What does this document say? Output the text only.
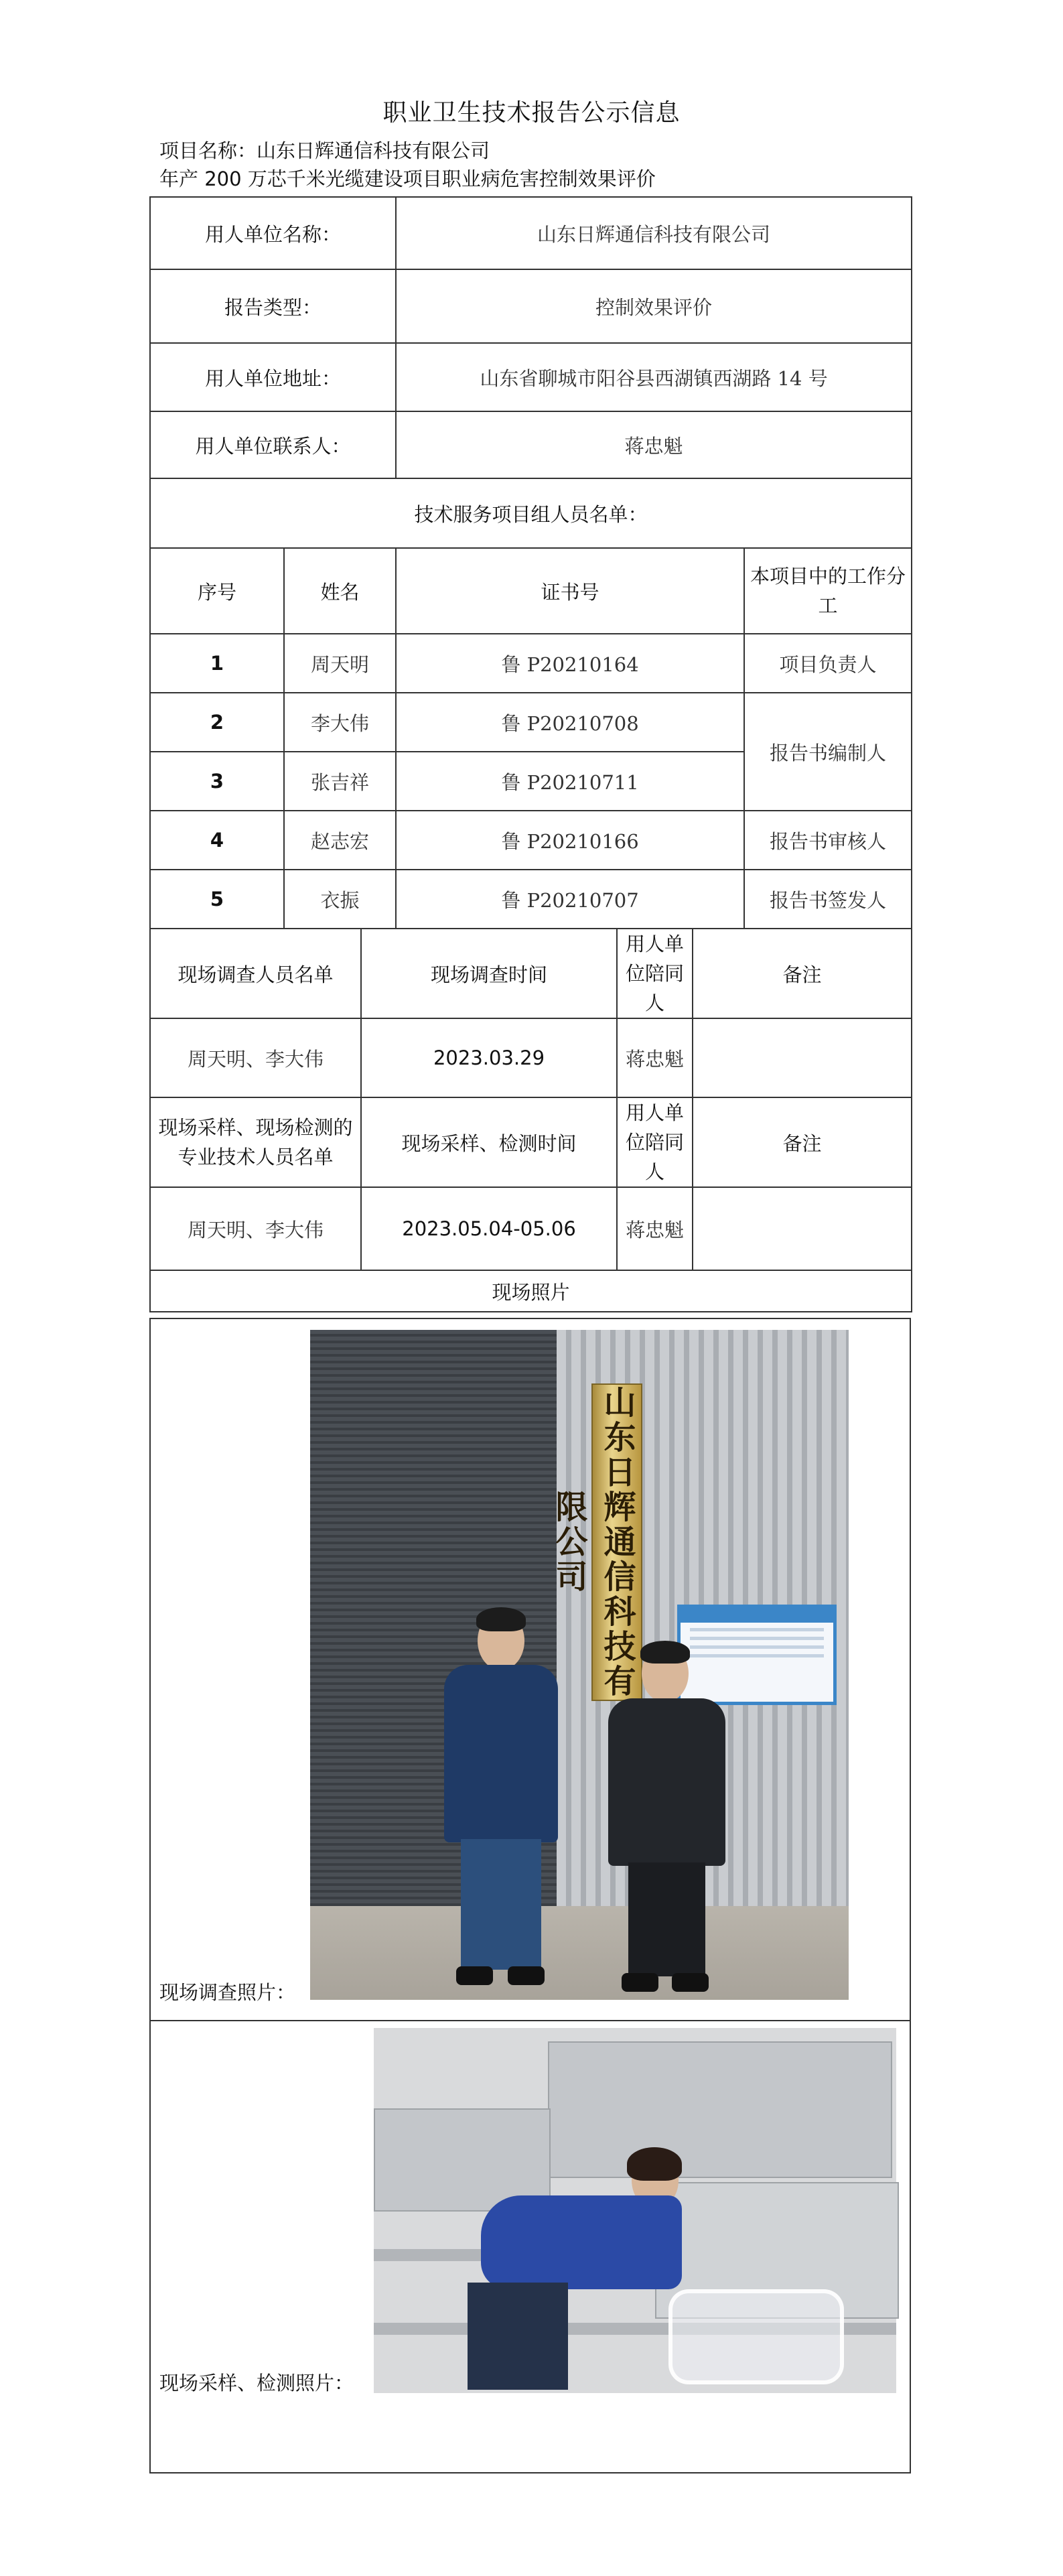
职业卫生技术报告公示信息
项目名称：山东日辉通信科技有限公司
年产 200 万芯千米光缆建设项目职业病危害控制效果评价
用人单位名称：			山东日辉通信科技有限公司			
报告类型：			控制效果评价			
用人单位地址：			山东省聊城市阳谷县西湖镇西湖路 14 号			
用人单位联系人：			蒋忠魁			
技术服务项目组人员名单：						
序号	姓名		证书号			本项目中的工作分工
1	周天明		鲁 P20210164			项目负责人
2	李大伟		鲁 P20210708			报告书编制人
3	张吉祥		鲁 P20210711			
4	赵志宏		鲁 P20210166			报告书审核人
5	衣振		鲁 P20210707			报告书签发人
现场调查人员名单		现场调查时间		用人单位陪同人	备注	
周天明、李大伟		2023.03.29		蒋忠魁		
现场采样、现场检测的专业技术人员名单		现场采样、检测时间		用人单位陪同人	备注	
周天明、李大伟		2023.05.04-05.06		蒋忠魁		
现场照片						
现场调查照片：
现场采样、检测照片：
山东日辉通信科技有限公司
